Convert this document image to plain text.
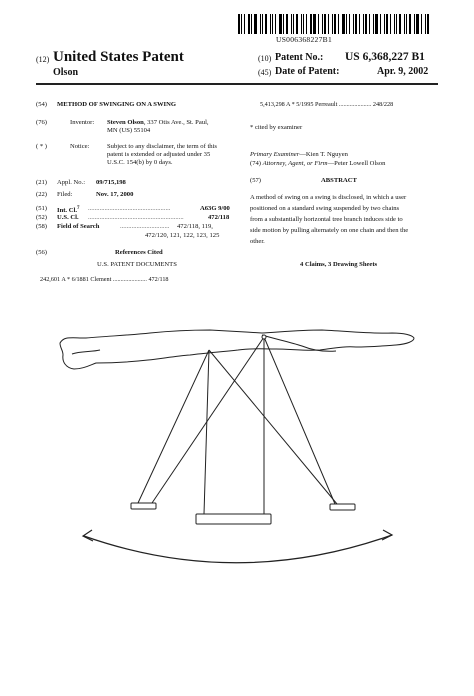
US006368227B1
(12) United States Patent
Olson
(10) Patent No.: US 6,368,227 B1
(45) Date of Patent:	Apr. 9, 2002
(54) METHOD OF SWINGING ON A SWING
(76)	Inventor: Steven Olson, 337 Otis Ave., St. Paul,
MN (US) 55104
( * )	Notice:	Subject to any disclaimer, the term of this
patent is extended or adjusted under 35
U.S.C. 154(b) by 0 days.
(21) Appl. No.: 09/715,198
(22) Filed:	Nov. 17, 2000
(51) Int. Cl.$^7$ ..................................................	A63G 9/00
(52) U.S. Cl. ..........................................................	472/118
(58) Field of Search	.............................. 472/118, 119,
472/120, 121, 122, 123, 125
(56)	References Cited
U.S. PATENT DOCUMENTS
242,601 A * 6/1881 Clement ...................... 472/118
5,413,298 A * 5/1995 Perreault ..................... 248/228
* cited by examiner
Primary Examiner—Kien T. Nguyen
(74) Attorney, Agent, or Firm—Peter Lowell Olson
(57)	ABSTRACT
A method of swing on a swing is disclosed, in which a user
positioned on a standard swing suspended by two chains
from a substantially horizontal tree branch induces side to
side motion by pulling alternately on one chain and then the
other.
4 Claims, 3 Drawing Sheets
